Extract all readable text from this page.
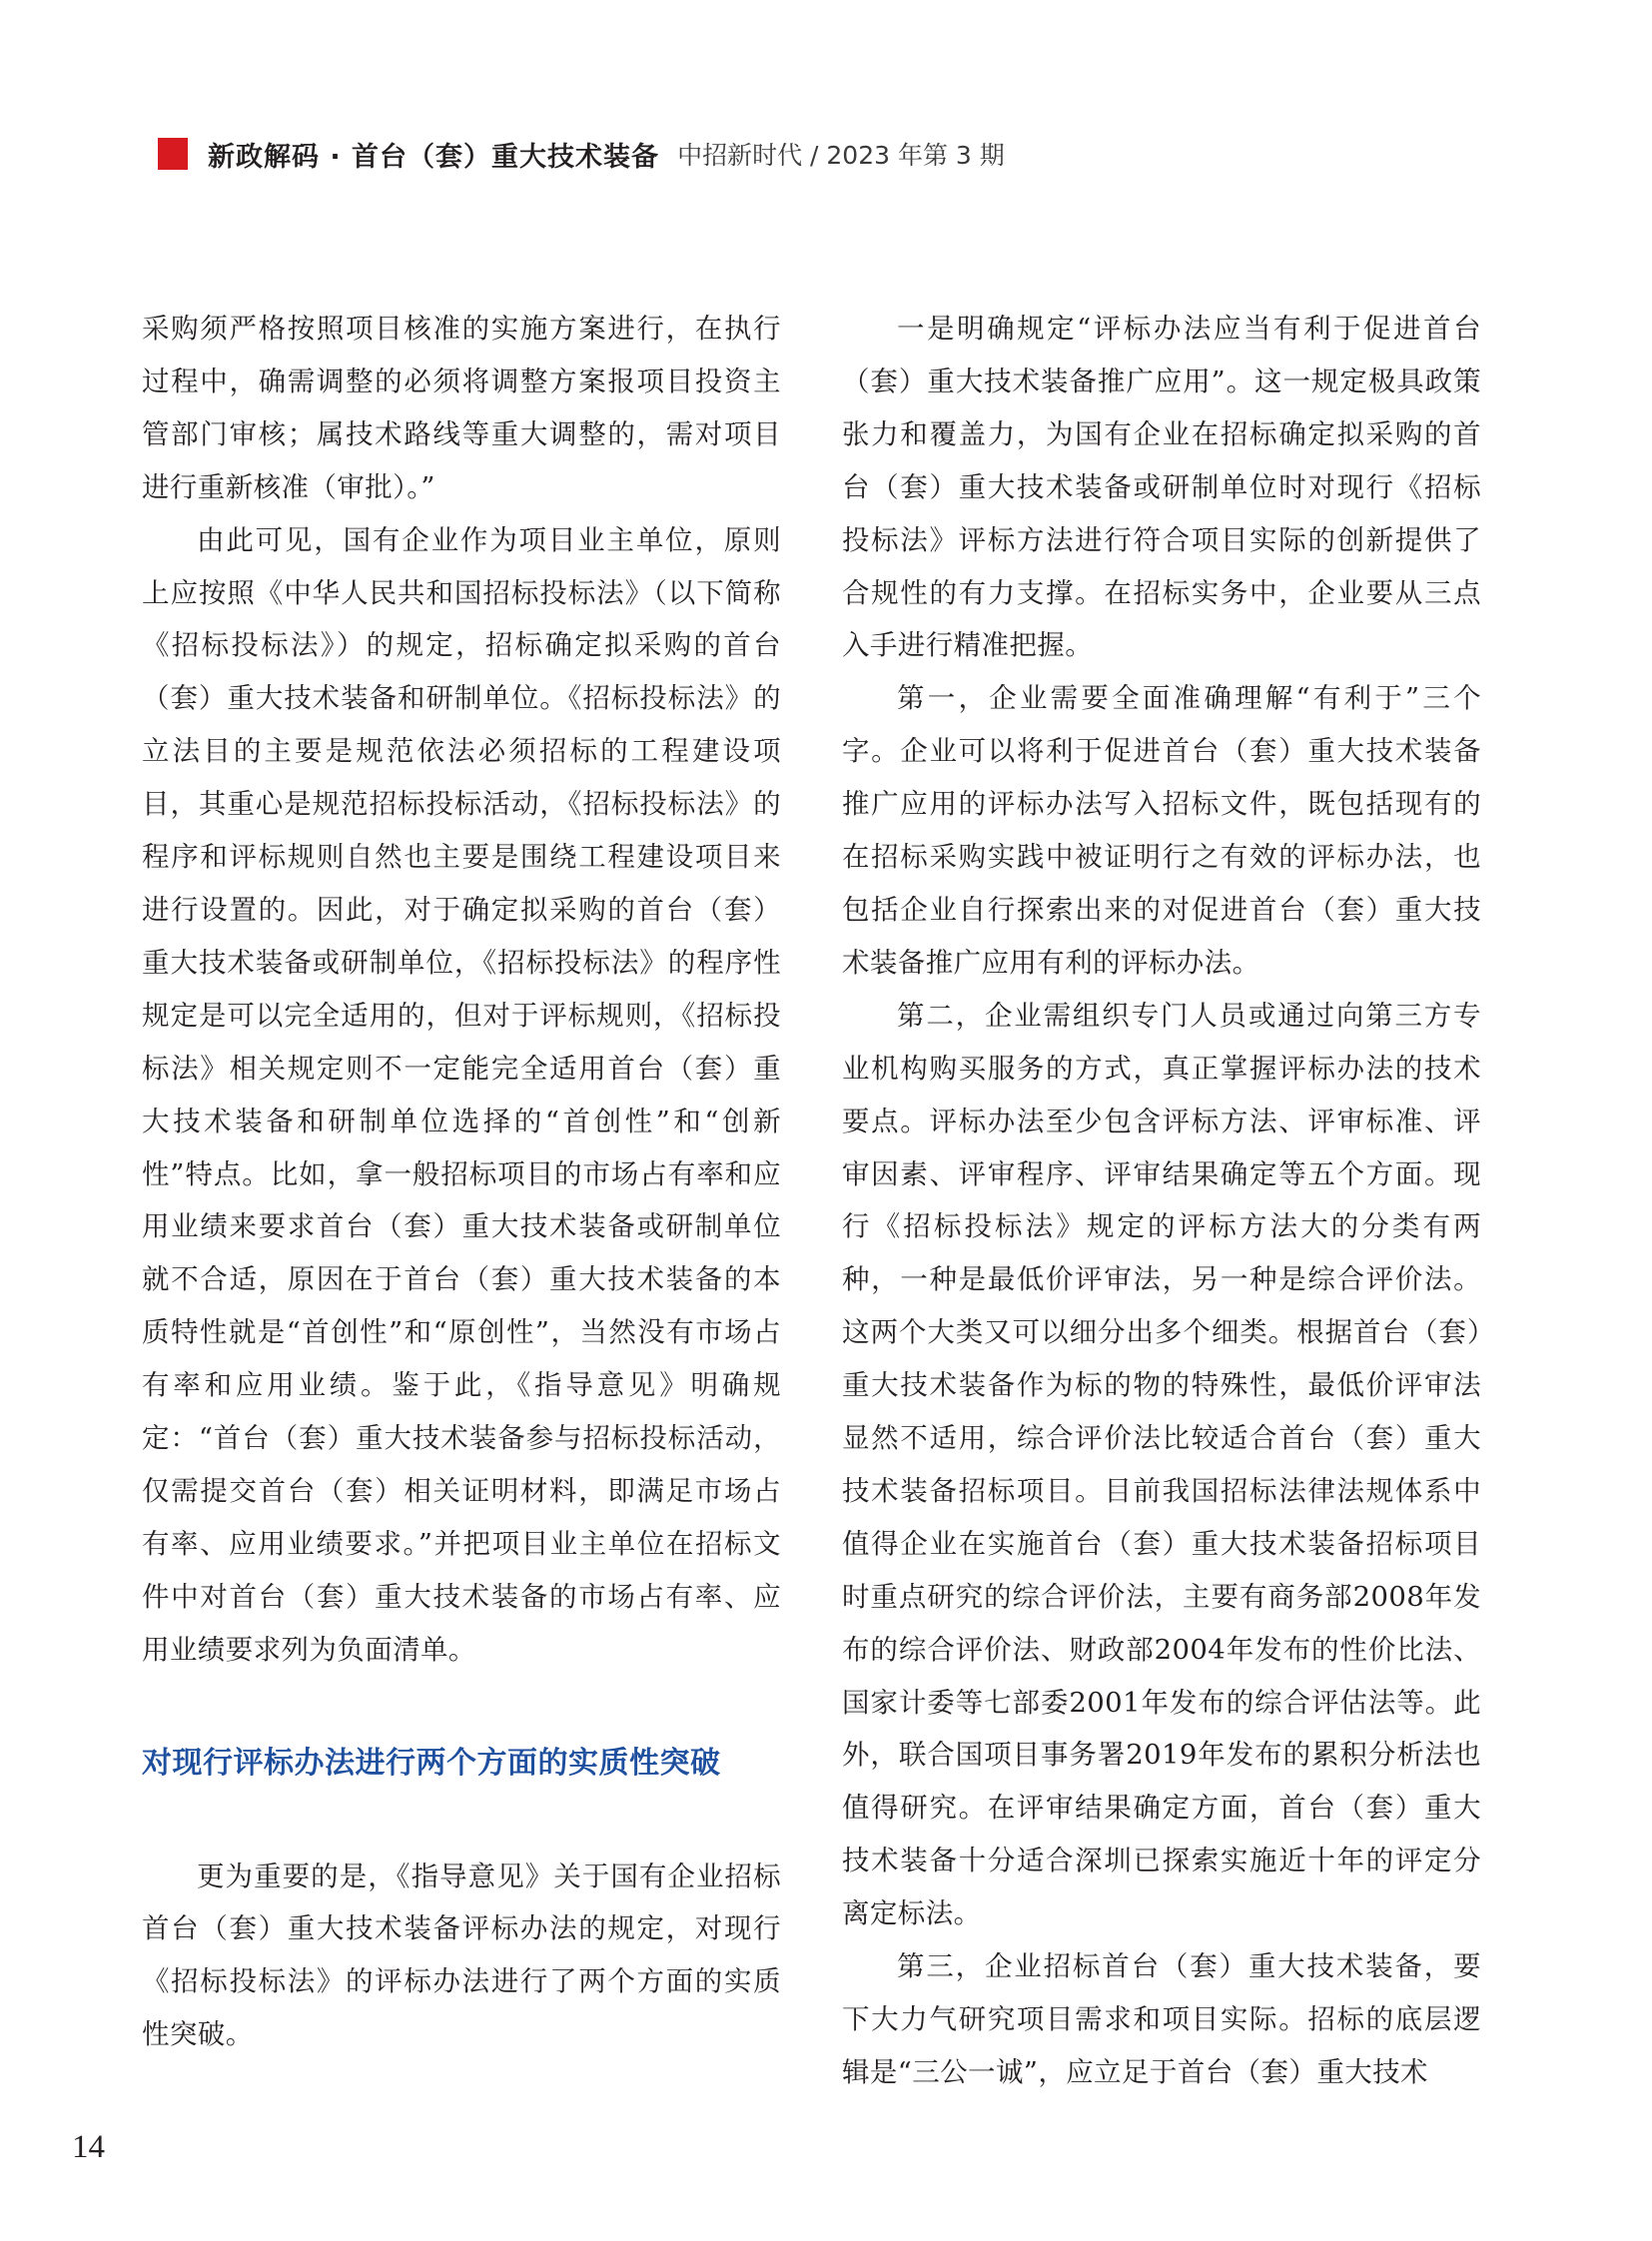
新政解码 · 首台（套）重大技术装备 中招新时代 / 2023 年第 3 期

采购须严格按照项目核准的实施方案进行，在执行过程中，确需调整的必须将调整方案报项目投资主管部门审核；属技术路线等重大调整的，需对项目进行重新核准（审批）。”

由此可见，国有企业作为项目业主单位，原则上应按照《中华人民共和国招标投标法》（以下简称《招标投标法》）的规定，招标确定拟采购的首台（套）重大技术装备和研制单位。《招标投标法》的立法目的主要是规范依法必须招标的工程建设项目，其重心是规范招标投标活动，《招标投标法》的程序和评标规则自然也主要是围绕工程建设项目来进行设置的。因此，对于确定拟采购的首台（套）重大技术装备或研制单位，《招标投标法》的程序性规定是可以完全适用的，但对于评标规则，《招标投标法》相关规定则不一定能完全适用首台（套）重大技术装备和研制单位选择的“首创性”和“创新性”特点。比如，拿一般招标项目的市场占有率和应用业绩来要求首台（套）重大技术装备或研制单位就不合适，原因在于首台（套）重大技术装备的本质特性就是“首创性”和“原创性”，当然没有市场占有率和应用业绩。鉴于此，《指导意见》明确规定：“首台（套）重大技术装备参与招标投标活动，仅需提交首台（套）相关证明材料，即满足市场占有率、应用业绩要求。”并把项目业主单位在招标文件中对首台（套）重大技术装备的市场占有率、应用业绩要求列为负面清单。

对现行评标办法进行两个方面的实质性突破

更为重要的是，《指导意见》关于国有企业招标首台（套）重大技术装备评标办法的规定，对现行《招标投标法》的评标办法进行了两个方面的实质性突破。

一是明确规定“评标办法应当有利于促进首台（套）重大技术装备推广应用”。这一规定极具政策张力和覆盖力，为国有企业在招标确定拟采购的首台（套）重大技术装备或研制单位时对现行《招标投标法》评标方法进行符合项目实际的创新提供了合规性的有力支撑。在招标实务中，企业要从三点入手进行精准把握。

第一，企业需要全面准确理解“有利于”三个字。企业可以将利于促进首台（套）重大技术装备推广应用的评标办法写入招标文件，既包括现有的在招标采购实践中被证明行之有效的评标办法，也包括企业自行探索出来的对促进首台（套）重大技术装备推广应用有利的评标办法。

第二，企业需组织专门人员或通过向第三方专业机构购买服务的方式，真正掌握评标办法的技术要点。评标办法至少包含评标方法、评审标准、评审因素、评审程序、评审结果确定等五个方面。现行《招标投标法》规定的评标方法大的分类有两种，一种是最低价评审法，另一种是综合评价法。这两个大类又可以细分出多个细类。根据首台（套）重大技术装备作为标的物的特殊性，最低价评审法显然不适用，综合评价法比较适合首台（套）重大技术装备招标项目。目前我国招标法律法规体系中值得企业在实施首台（套）重大技术装备招标项目时重点研究的综合评价法，主要有商务部2008年发布的综合评价法、财政部2004年发布的性价比法、国家计委等七部委2001年发布的综合评估法等。此外，联合国项目事务署2019年发布的累积分析法也值得研究。在评审结果确定方面，首台（套）重大技术装备十分适合深圳已探索实施近十年的评定分离定标法。

第三，企业招标首台（套）重大技术装备，要下大力气研究项目需求和项目实际。招标的底层逻辑是“三公一诚”，应立足于首台（套）重大技术

14
